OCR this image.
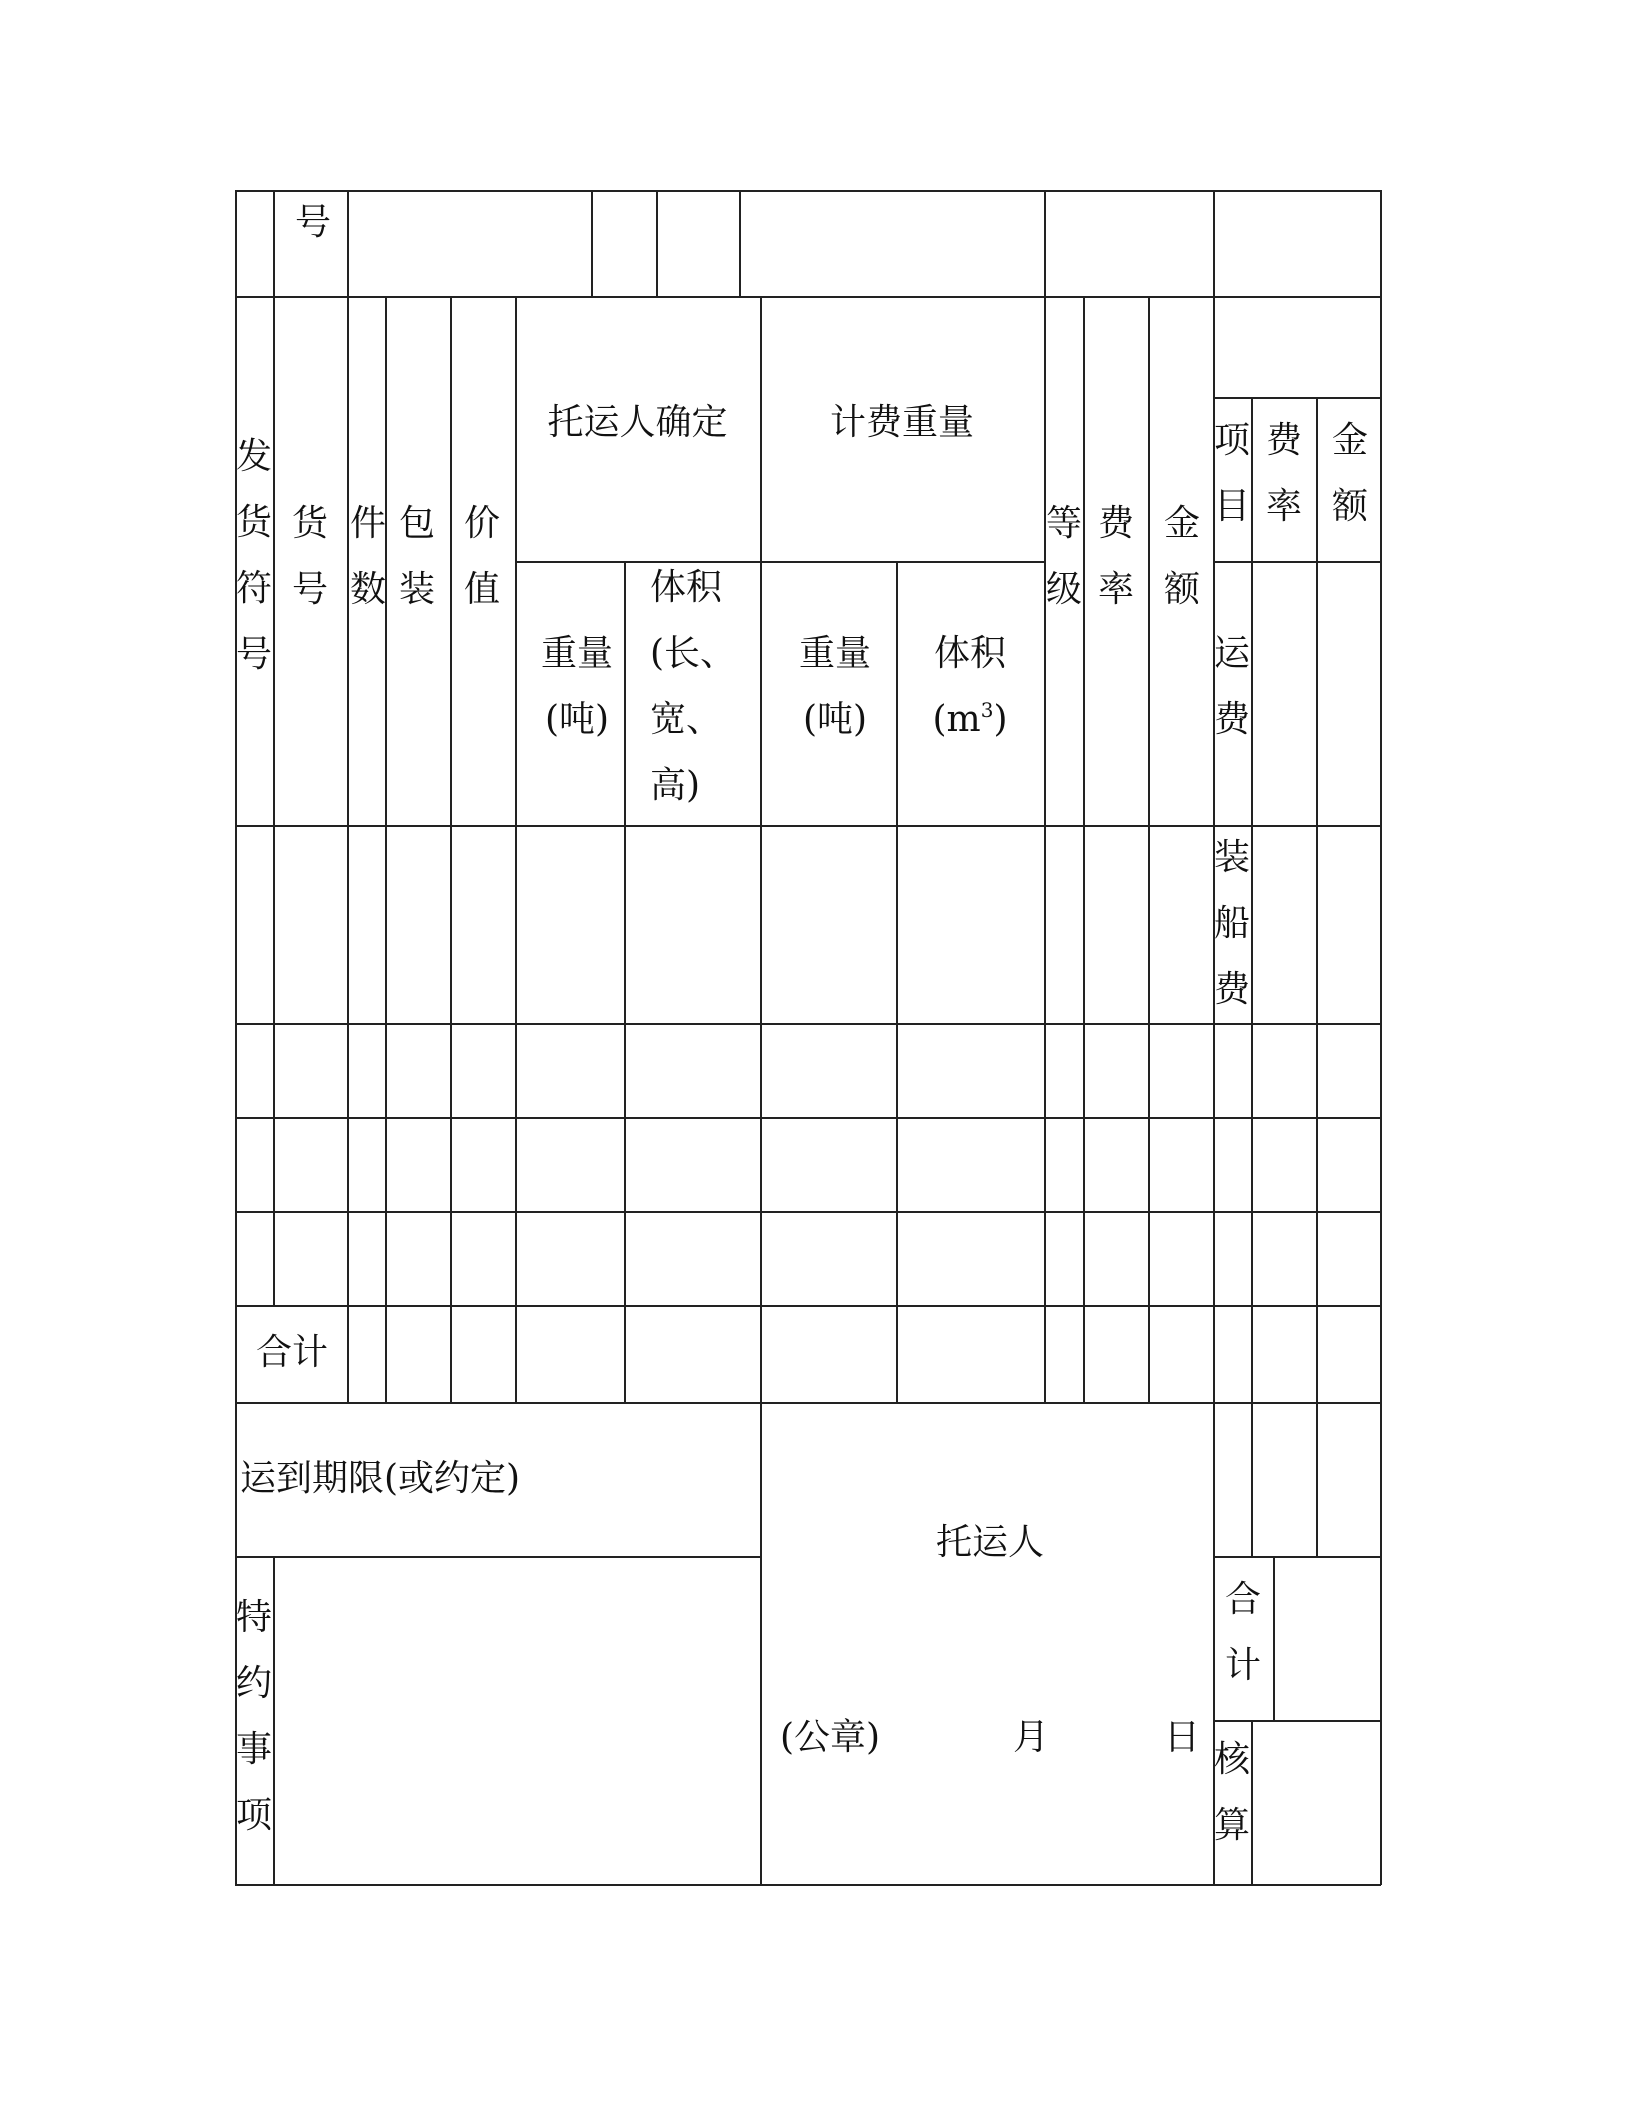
号
发
货
符
号
货
号
件
数
包
装
价
值
托运人确定
重量
(吨)
体积
(长、
宽、
高)
计费重量
重量
(吨)
体积
$(m^3)$
等
级
费
率
金
额
项
目
费
率
金
额
运
费
装
船
费
合
计
核
算
合计
运到期限(或约定)
特
约
事
项
托运人
(公章)	月	日
